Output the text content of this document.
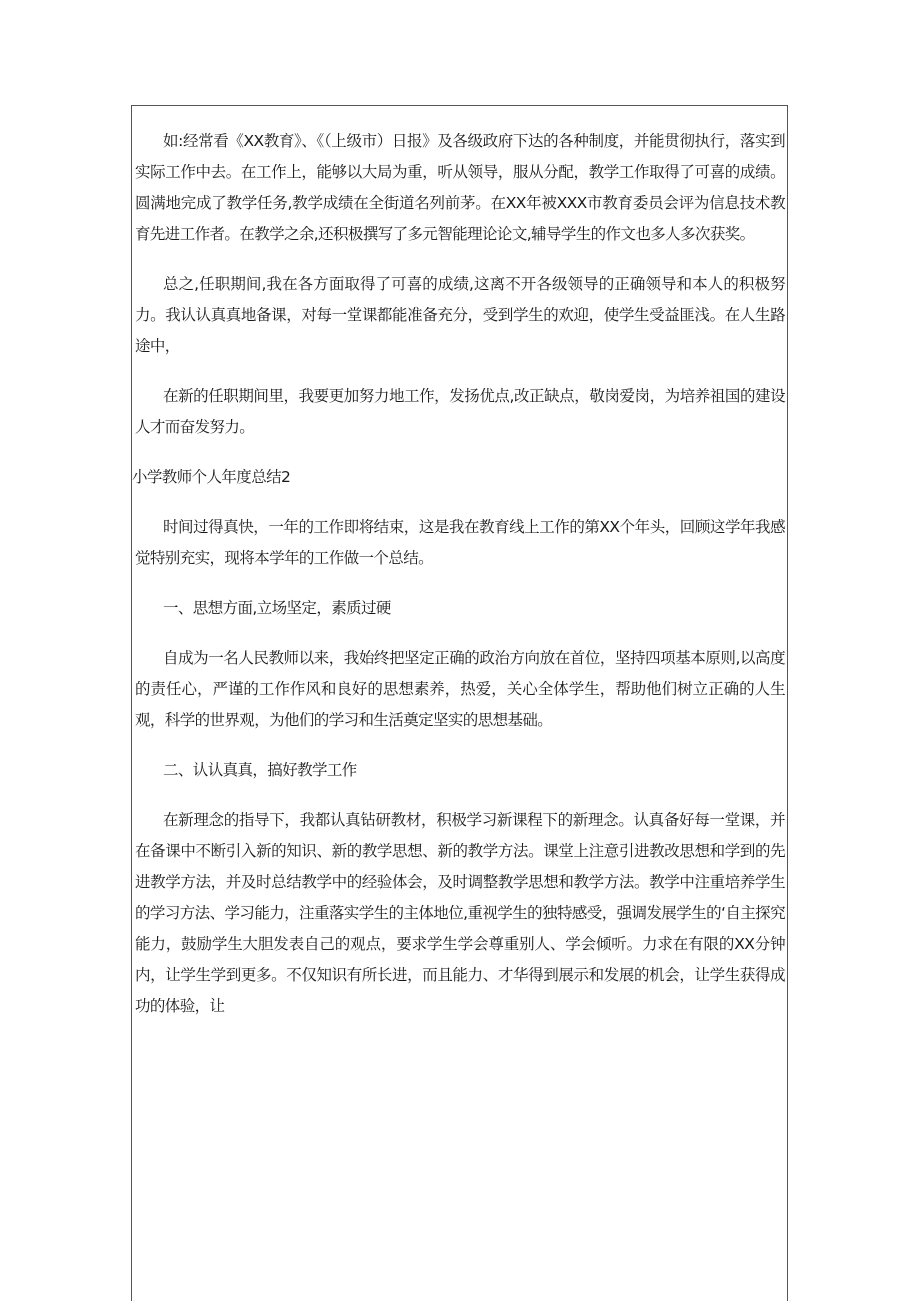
如:经常看《XX教育》、《（上级市）日报》及各级政府下达的各种制度，并能贯彻执行，落实到实际工作中去。在工作上，能够以大局为重，听从领导，服从分配，教学工作取得了可喜的成绩。圆满地完成了教学任务,教学成绩在全街道名列前茅。在XX年被XXX市教育委员会评为信息技术教育先进工作者。在教学之余,还积极撰写了多元智能理论论文,辅导学生的作文也多人多次获奖。

总之,任职期间,我在各方面取得了可喜的成绩,这离不开各级领导的正确领导和本人的积极努力。我认认真真地备课，对每一堂课都能准备充分，受到学生的欢迎，使学生受益匪浅。在人生路途中，

在新的任职期间里，我要更加努力地工作，发扬优点,改正缺点，敬岗爱岗，为培养祖国的建设人才而奋发努力。

小学教师个人年度总结2

时间过得真快，一年的工作即将结束，这是我在教育线上工作的第XX个年头，回顾这学年我感觉特别充实，现将本学年的工作做一个总结。

一、思想方面,立场坚定，素质过硬

自成为一名人民教师以来，我始终把坚定正确的政治方向放在首位，坚持四项基本原则,以高度的责任心，严谨的工作作风和良好的思想素养，热爱，关心全体学生，帮助他们树立正确的人生观，科学的世界观，为他们的学习和生活奠定坚实的思想基础。

二、认认真真，搞好教学工作

在新理念的指导下，我都认真钻研教材，积极学习新课程下的新理念。认真备好每一堂课，并在备课中不断引入新的知识、新的教学思想、新的教学方法。课堂上注意引进教改思想和学到的先进教学方法，并及时总结教学中的经验体会，及时调整教学思想和教学方法。教学中注重培养学生的学习方法、学习能力，注重落实学生的主体地位,重视学生的独特感受，强调发展学生的‘自主探究能力，鼓励学生大胆发表自己的观点，要求学生学会尊重别人、学会倾听。力求在有限的XX分钟内，让学生学到更多。不仅知识有所长进，而且能力、才华得到展示和发展的机会，让学生获得成功的体验，让
